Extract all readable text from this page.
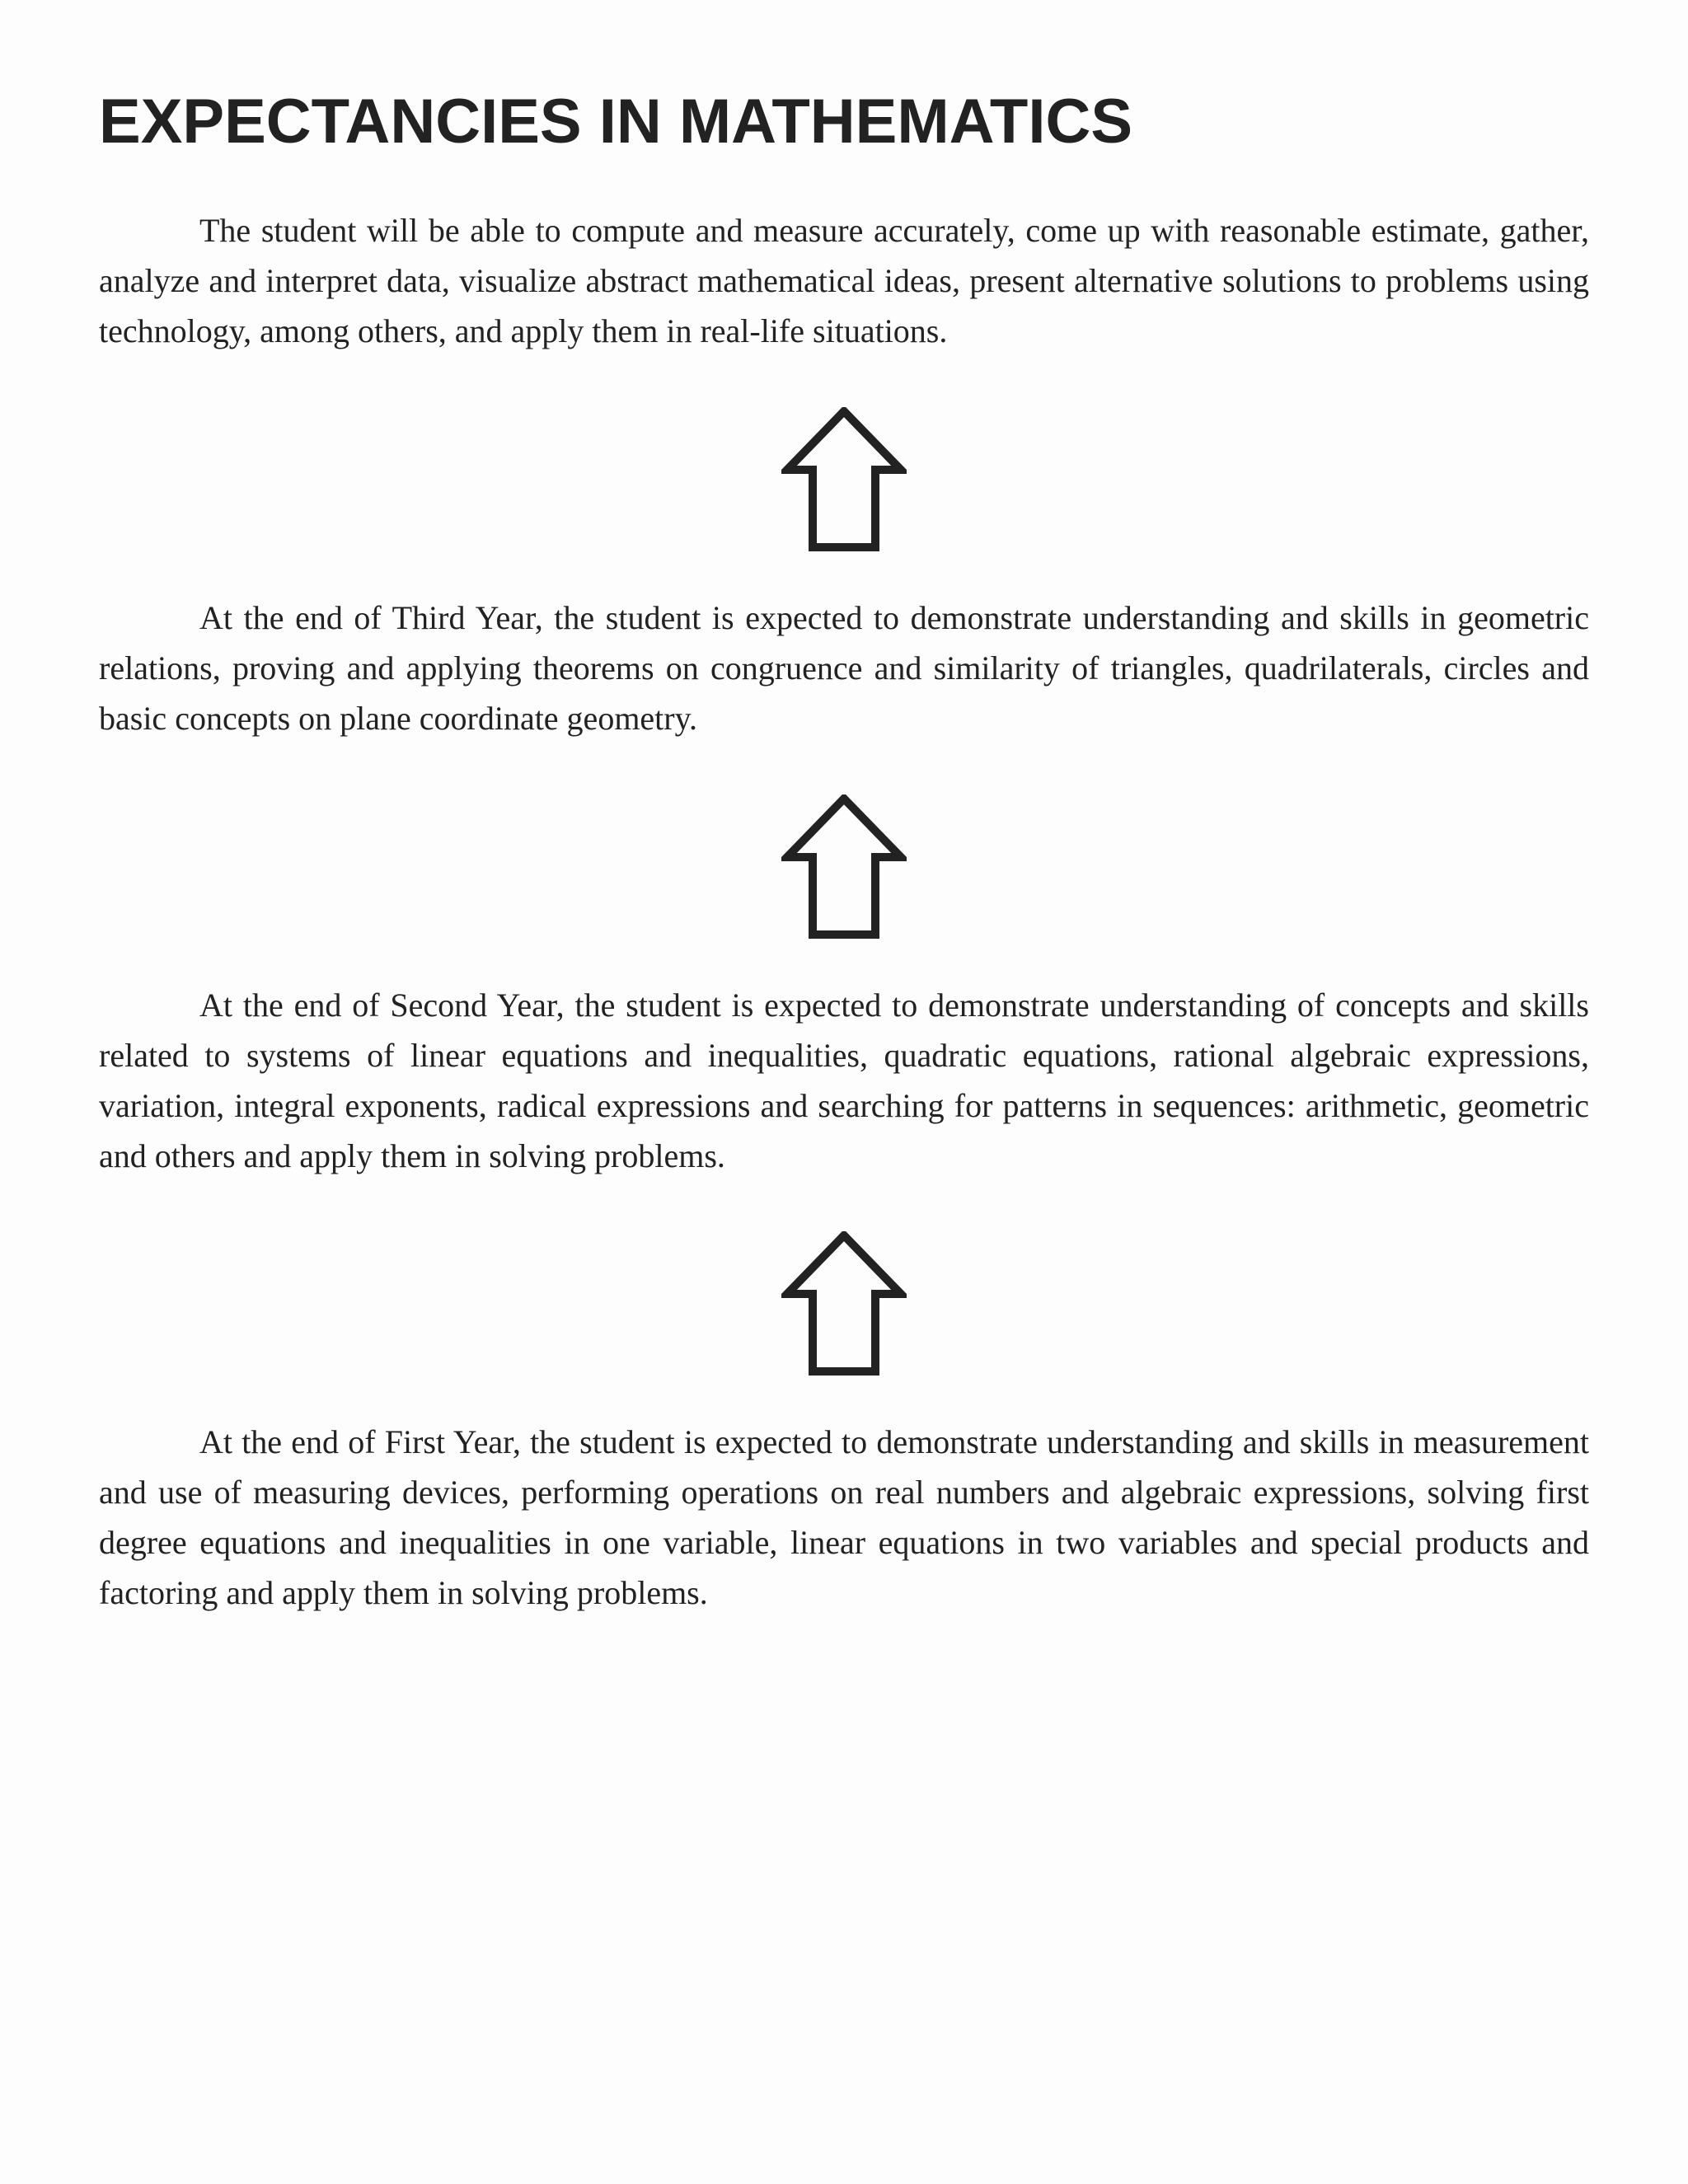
EXPECTANCIES IN MATHEMATICS

The student will be able to compute and measure accurately, come up with reasonable estimate, gather, analyze and interpret data, visualize abstract mathematical ideas, present alternative solutions to problems using technology, among others, and apply them in real-life situations.

At the end of Third Year, the student is expected to demonstrate understanding and skills in geometric relations, proving and applying theorems on congruence and similarity of triangles, quadrilaterals, circles and basic concepts on plane coordinate geometry.

At the end of Second Year, the student is expected to demonstrate understanding of concepts and skills related to systems of linear equations and inequalities, quadratic equations, rational algebraic expressions, variation, integral exponents, radical expressions and searching for patterns in sequences: arithmetic, geometric and others and apply them in solving problems.

At the end of First Year, the student is expected to demonstrate understanding and skills in measurement and use of measuring devices, performing operations on real numbers and algebraic expressions, solving first degree equations and inequalities in one variable, linear equations in two variables and special products and factoring and apply them in solving problems.
